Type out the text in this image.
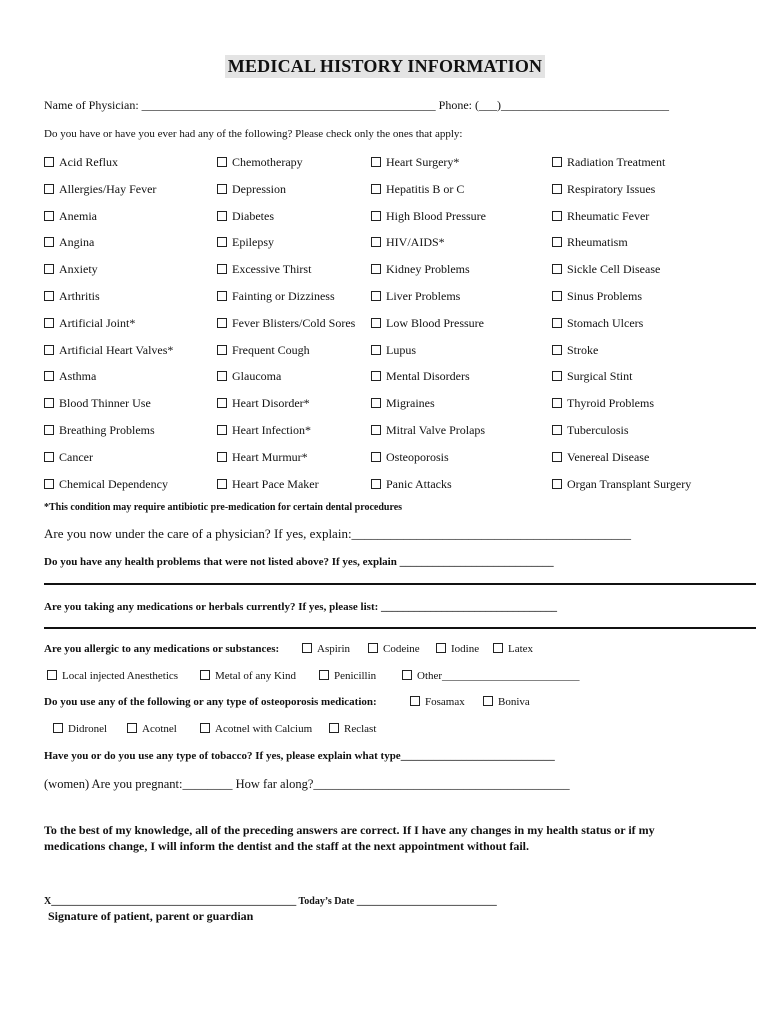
MEDICAL HISTORY INFORMATION
Name of Physician: _________________________________________________ Phone: (___)____________________________
Do you have or have you ever had any of the following? Please check only the ones that apply:
Acid Reflux
Allergies/Hay Fever
Anemia
Angina
Anxiety
Arthritis
Artificial Joint*
Artificial Heart Valves*
Asthma
Blood Thinner Use
Breathing Problems
Cancer
Chemical Dependency
Chemotherapy
Depression
Diabetes
Epilepsy
Excessive Thirst
Fainting or Dizziness
Fever Blisters/Cold Sores
Frequent Cough
Glaucoma
Heart Disorder*
Heart Infection*
Heart Murmur*
Heart Pace Maker
Heart Surgery*
Hepatitis B or C
High Blood Pressure
HIV/AIDS*
Kidney Problems
Liver Problems
Low Blood Pressure
Lupus
Mental Disorders
Migraines
Mitral Valve Prolaps
Osteoporosis
Panic Attacks
Radiation Treatment
Respiratory Issues
Rheumatic Fever
Rheumatism
Sickle Cell Disease
Sinus Problems
Stomach Ulcers
Stroke
Surgical Stint
Thyroid Problems
Tuberculosis
Venereal Disease
Organ Transplant Surgery
*This condition may require antibiotic pre-medication for certain dental procedures
Are you now under the care of a physician? If yes, explain:___________________________________________
Do you have any health problems that were not listed above? If yes, explain ____________________________
Are you taking any medications or herbals currently? If yes, please list: ________________________________
Are you allergic to any medications or substances:	Aspirin	Codeine	Iodine	Latex
Local injected Anesthetics	Metal of any Kind	Penicillin	Other_________________________
Do you use any of the following or any type of osteoporosis medication:	Fosamax	Boniva
Didronel	Acotnel	Acotnel with Calcium	Reclast
Have you or do you use any type of tobacco? If yes, please explain what type____________________________
(women) Are you pregnant:________ How far along?_________________________________________
To the best of my knowledge, all of the preceding answers are correct. If I have any changes in my health status or if my medications change, I will inform the dentist and the staff at the next appointment without fail.
X_________________________________________________ Today’s Date ____________________________
Signature of patient, parent or guardian
